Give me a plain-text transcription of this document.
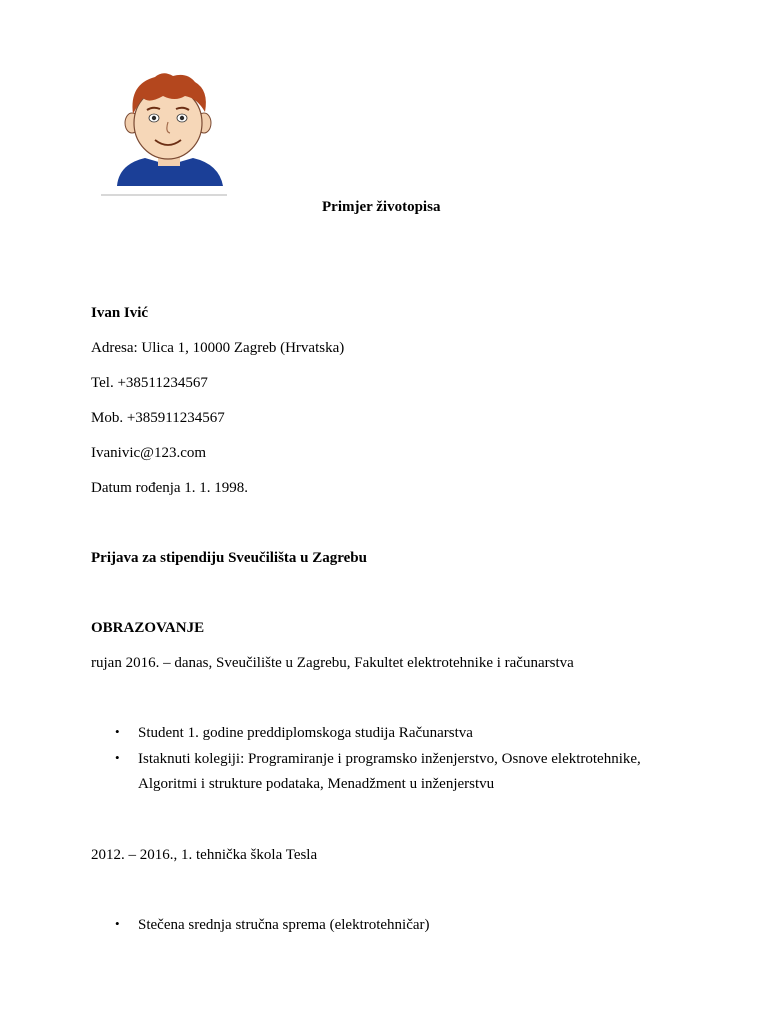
Primjer životopisa
Ivan Ivić
Adresa: Ulica 1, 10000 Zagreb (Hrvatska)
Tel. +38511234567
Mob. +385911234567
Ivanivic@123.com
Datum rođenja 1. 1. 1998.
Prijava za stipendiju Sveučilišta u Zagrebu
OBRAZOVANJE
rujan 2016. – danas, Sveučilište u Zagrebu, Fakultet elektrotehnike i računarstva
• Student 1. godine preddiplomskoga studija Računarstva
• Istaknuti kolegiji: Programiranje i programsko inženjerstvo, Osnove elektrotehnike,
Algoritmi i strukture podataka, Menadžment u inženjerstvu
2012. – 2016., 1. tehnička škola Tesla
• Stečena srednja stručna sprema (elektrotehničar)
